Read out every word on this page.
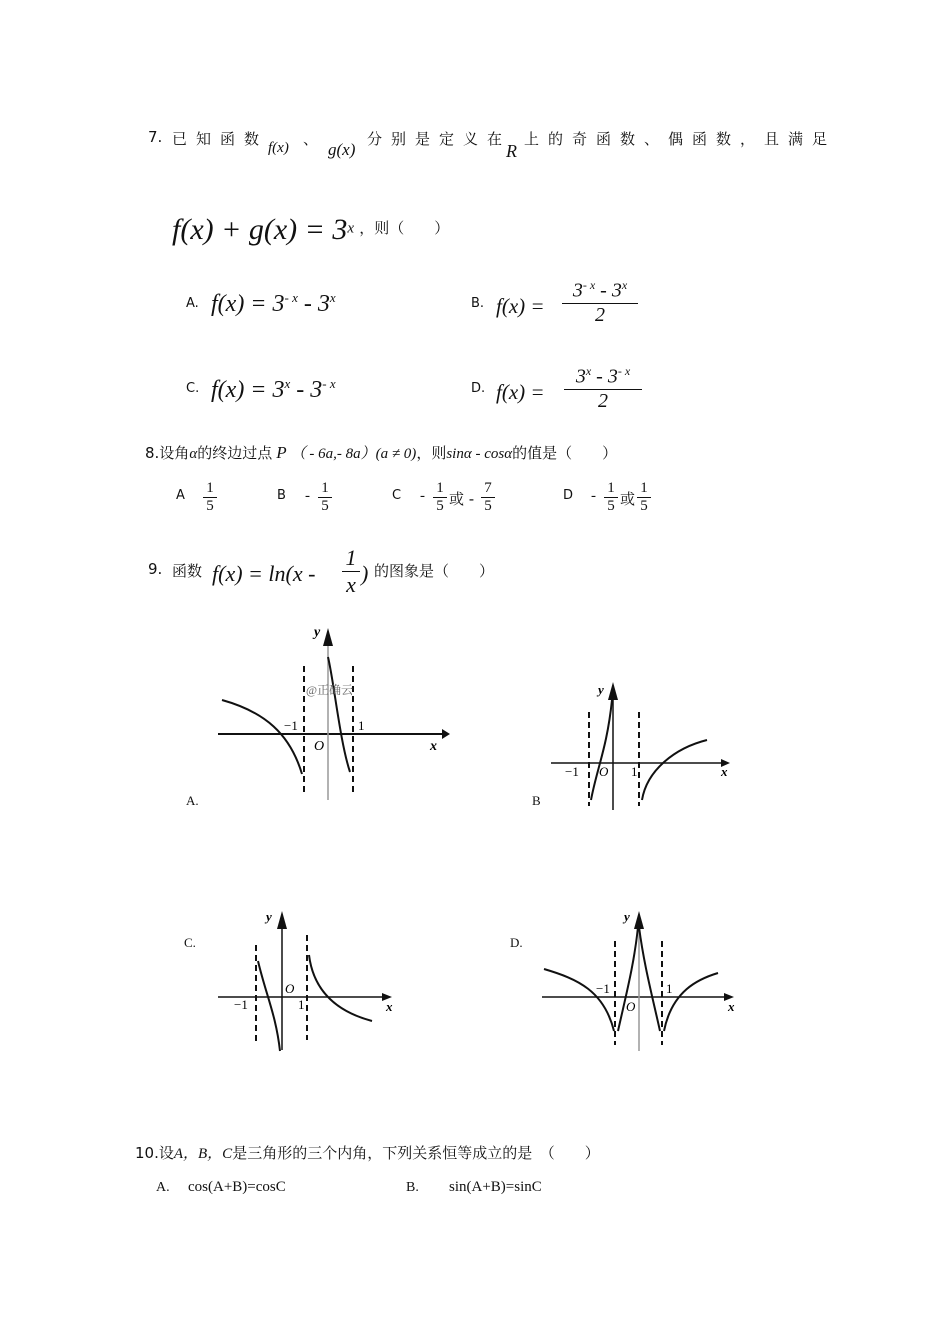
7. 已知函数 f(x) 、
g(x)
分别是定义在
R
上的奇函数、偶函数，且满足
$f(x) + g(x) = 3^x$ ，则（　　）
A. $f(x) = 3^{- x} - 3^x$	B. $f(x) = \frac{3^{- x} - 3^x}{2}$
C. $f(x) = 3^x - 3^{- x}$	D. $f(x) = \frac{3^x - 3^{- x}}{2}$
8.设角α的终边过点 P （ - 6a,- 8a）(a ≠ 0)，则sinα - cosα的值是（　　）
A $\frac{1}{5}$	B - $\frac{1}{5}$	C - $\frac{1}{5}$ 或 - $\frac{7}{5}$	D - $\frac{1}{5}$ 或 $\frac{1}{5}$
9. 函数 $f(x) = \ln(x - \frac{1}{x}$ ) 的图象是（　　）
y
x
O
−1	1
@正确云
A.
y
x
O
−1	1
B
y
x
O
−1	1
C.
y
x
O
−1	1
D.
10.设A，B，C是三角形的三个内角，下列关系恒等成立的是　（　　）
A. cos(A+B)=cosC	B. sin(A+B)=sinC
